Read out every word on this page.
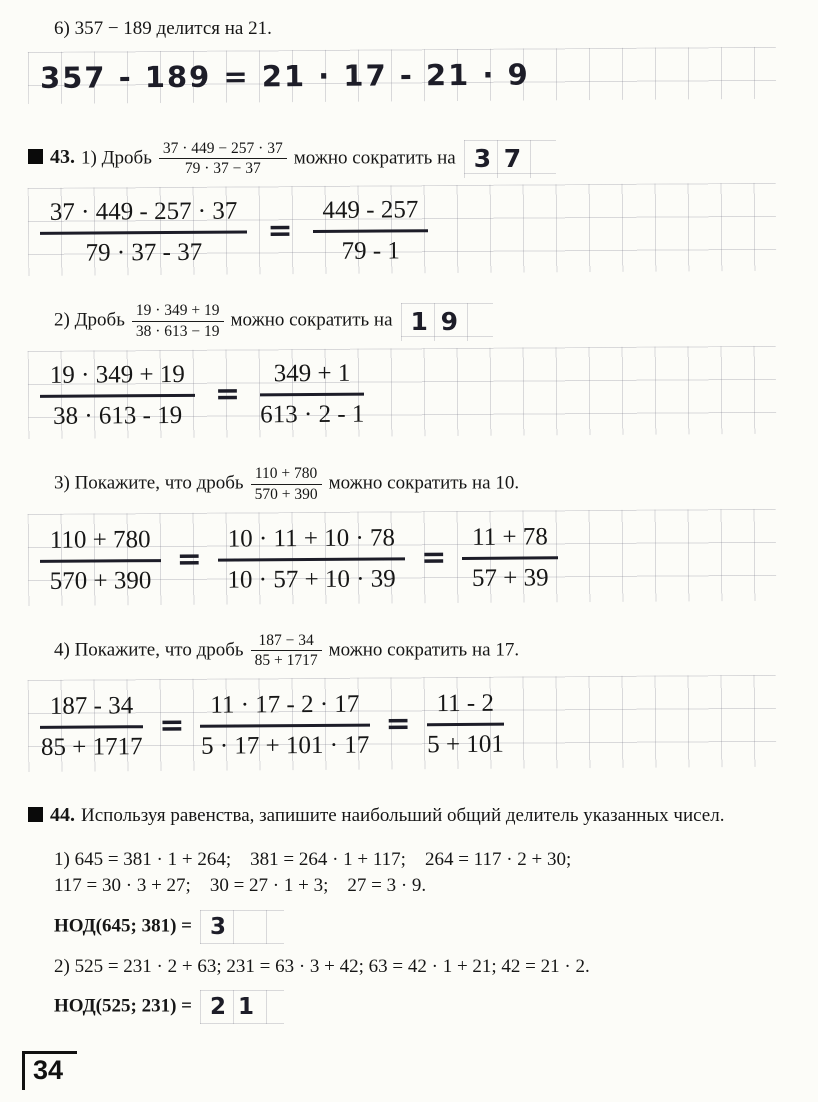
6) 357 − 189 делится на 21.
357 - 189 = 21 · 17 - 21 · 9
43. 1) Дробь $\frac{37 \cdot 449 - 257 \cdot 37}{79 \cdot 37 - 37}$ можно сократить на 3 7
$\frac{37 \cdot 449 - 257 \cdot 37}{79 \cdot 37 - 37} = \frac{449 - 257}{79 - 1}$
2) Дробь $\frac{19 \cdot 349 + 19}{38 \cdot 613 - 19}$ можно сократить на 1 9
$\frac{19 \cdot 349 + 19}{38 \cdot 613 - 19} = \frac{349 + 1}{613 \cdot 2 - 1}$
3) Покажите, что дробь $\frac{110 + 780}{570 + 390}$ можно сократить на 10.
$\frac{110 + 780}{570 + 390} = \frac{10 \cdot 11 + 10 \cdot 78}{10 \cdot 57 + 10 \cdot 39} = \frac{11 + 78}{57 + 39}$
4) Покажите, что дробь $\frac{187 - 34}{85 + 1717}$ можно сократить на 17.
$\frac{187 - 34}{85 + 1717} = \frac{11 \cdot 17 - 2 \cdot 17}{5 \cdot 17 + 101 \cdot 17} = \frac{11 - 2}{5 + 101}$
44. Используя равенства, запишите наибольший общий делитель указанных чисел.
1) 645 = 381 · 1 + 264;    381 = 264 · 1 + 117;    264 = 117 · 2 + 30;
117 = 30 · 3 + 27;    30 = 27 · 1 + 3;    27 = 3 · 9.
НОД(645; 381) = 3
2) 525 = 231 · 2 + 63; 231 = 63 · 3 + 42; 63 = 42 · 1 + 21; 42 = 21 · 2.
НОД(525; 231) = 2 1
34
